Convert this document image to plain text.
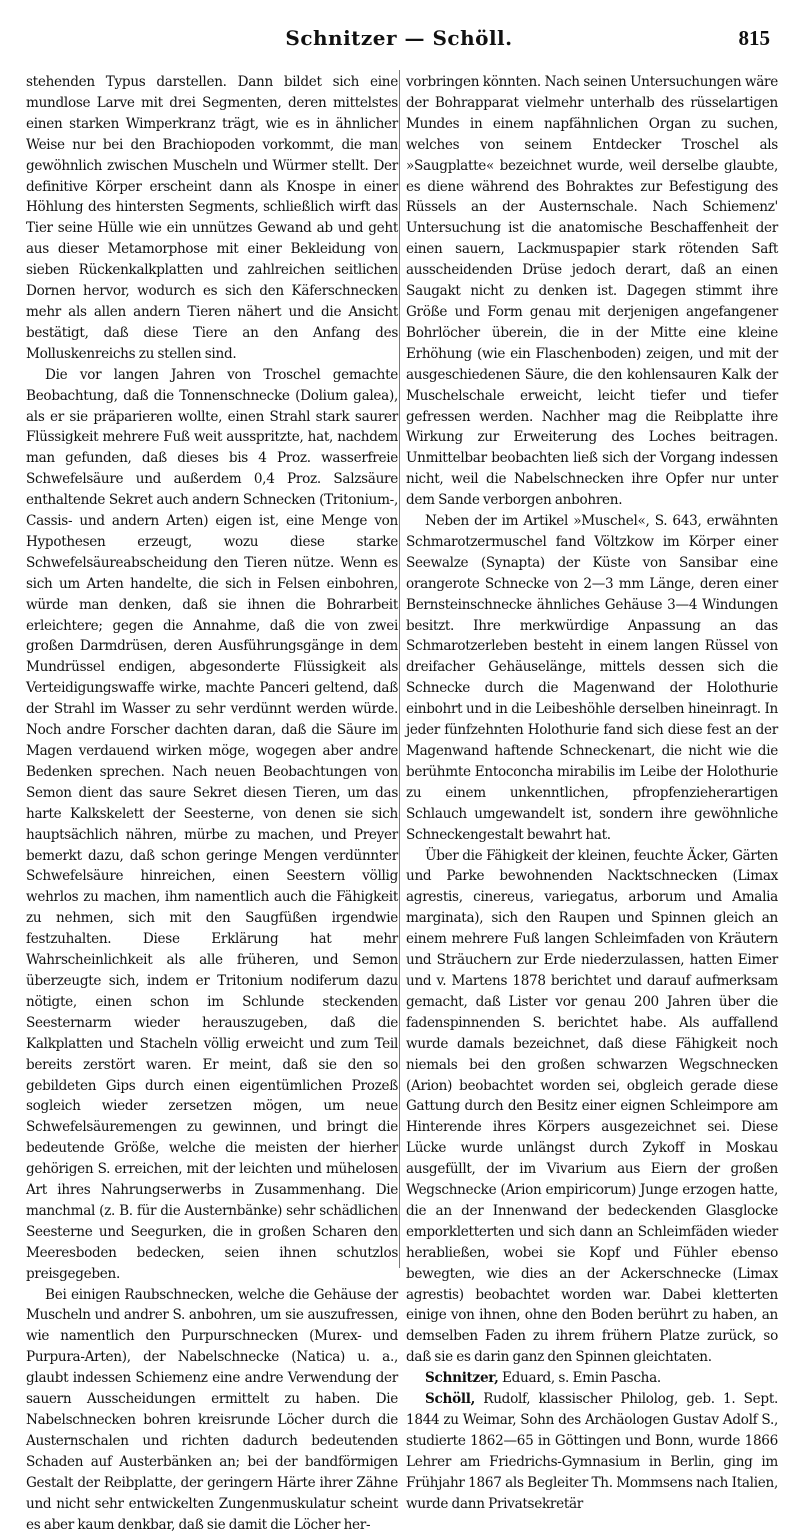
Schnitzer — Schöll.	815

stehenden Typus darstellen. Dann bildet sich eine mundlose Larve mit drei Segmenten, deren mittelstes einen starken Wimperkranz trägt, wie es in ähnlicher Weise nur bei den Brachiopoden vorkommt, die man gewöhnlich zwischen Muscheln und Würmer stellt. Der definitive Körper erscheint dann als Knospe in einer Höhlung des hintersten Segments, schließlich wirft das Tier seine Hülle wie ein unnützes Gewand ab und geht aus dieser Metamorphose mit einer Bekleidung von sieben Rückenkalkplatten und zahlreichen seitlichen Dornen hervor, wodurch es sich den Käferschnecken mehr als allen andern Tieren nähert und die Ansicht bestätigt, daß diese Tiere an den Anfang des Molluskenreichs zu stellen sind.

Die vor langen Jahren von Troschel gemachte Beobachtung, daß die Tonnenschnecke (Dolium galea), als er sie präparieren wollte, einen Strahl stark saurer Flüssigkeit mehrere Fuß weit ausspritzte, hat, nachdem man gefunden, daß dieses bis 4 Proz. wasserfreie Schwefelsäure und außerdem 0,4 Proz. Salzsäure enthaltende Sekret auch andern Schnecken (Tritonium-, Cassis- und andern Arten) eigen ist, eine Menge von Hypothesen erzeugt, wozu diese starke Schwefelsäureabscheidung den Tieren nütze. Wenn es sich um Arten handelte, die sich in Felsen einbohren, würde man denken, daß sie ihnen die Bohrarbeit erleichtere; gegen die Annahme, daß die von zwei großen Darmdrüsen, deren Ausführungsgänge in dem Mundrüssel endigen, abgesonderte Flüssigkeit als Verteidigungswaffe wirke, machte Panceri geltend, daß der Strahl im Wasser zu sehr verdünnt werden würde. Noch andre Forscher dachten daran, daß die Säure im Magen verdauend wirken möge, wogegen aber andre Bedenken sprechen. Nach neuen Beobachtungen von Semon dient das saure Sekret diesen Tieren, um das harte Kalkskelett der Seesterne, von denen sie sich hauptsächlich nähren, mürbe zu machen, und Preyer bemerkt dazu, daß schon geringe Mengen verdünnter Schwefelsäure hinreichen, einen Seestern völlig wehrlos zu machen, ihm namentlich auch die Fähigkeit zu nehmen, sich mit den Saugfüßen irgendwie festzuhalten. Diese Erklärung hat mehr Wahrscheinlichkeit als alle früheren, und Semon überzeugte sich, indem er Tritonium nodiferum dazu nötigte, einen schon im Schlunde steckenden Seesternarm wieder herauszugeben, daß die Kalkplatten und Stacheln völlig erweicht und zum Teil bereits zerstört waren. Er meint, daß sie den so gebildeten Gips durch einen eigentümlichen Prozeß sogleich wieder zersetzen mögen, um neue Schwefelsäuremengen zu gewinnen, und bringt die bedeutende Größe, welche die meisten der hierher gehörigen S. erreichen, mit der leichten und mühelosen Art ihres Nahrungserwerbs in Zusammenhang. Die manchmal (z. B. für die Austernbänke) sehr schädlichen Seesterne und Seegurken, die in großen Scharen den Meeresboden bedecken, seien ihnen schutzlos preisgegeben.

Bei einigen Raubschnecken, welche die Gehäuse der Muscheln und andrer S. anbohren, um sie auszufressen, wie namentlich den Purpurschnecken (Murex- und Purpura-Arten), der Nabelschnecke (Natica) u. a., glaubt indessen Schiemenz eine andre Verwendung der sauern Ausscheidungen ermittelt zu haben. Die Nabelschnecken bohren kreisrunde Löcher durch die Austernschalen und richten dadurch bedeutenden Schaden auf Austerbänken an; bei der bandförmigen Gestalt der Reibplatte, der geringern Härte ihrer Zähne und nicht sehr entwickelten Zungenmuskulatur scheint es aber kaum denkbar, daß sie damit die Löcher her-

vorbringen könnten. Nach seinen Untersuchungen wäre der Bohrapparat vielmehr unterhalb des rüsselartigen Mundes in einem napfähnlichen Organ zu suchen, welches von seinem Entdecker Troschel als »Saugplatte« bezeichnet wurde, weil derselbe glaubte, es diene während des Bohraktes zur Befestigung des Rüssels an der Austernschale. Nach Schiemenz' Untersuchung ist die anatomische Beschaffenheit der einen sauern, Lackmuspapier stark rötenden Saft ausscheidenden Drüse jedoch derart, daß an einen Saugakt nicht zu denken ist. Dagegen stimmt ihre Größe und Form genau mit derjenigen angefangener Bohrlöcher überein, die in der Mitte eine kleine Erhöhung (wie ein Flaschenboden) zeigen, und mit der ausgeschiedenen Säure, die den kohlensauren Kalk der Muschelschale erweicht, leicht tiefer und tiefer gefressen werden. Nachher mag die Reibplatte ihre Wirkung zur Erweiterung des Loches beitragen. Unmittelbar beobachten ließ sich der Vorgang indessen nicht, weil die Nabelschnecken ihre Opfer nur unter dem Sande verborgen anbohren.

Neben der im Artikel »Muschel«, S. 643, erwähnten Schmarotzermuschel fand Völtzkow im Körper einer Seewalze (Synapta) der Küste von Sansibar eine orangerote Schnecke von 2—3 mm Länge, deren einer Bernsteinschnecke ähnliches Gehäuse 3—4 Windungen besitzt. Ihre merkwürdige Anpassung an das Schmarotzerleben besteht in einem langen Rüssel von dreifacher Gehäuselänge, mittels dessen sich die Schnecke durch die Magenwand der Holothurie einbohrt und in die Leibeshöhle derselben hineinragt. In jeder fünfzehnten Holothurie fand sich diese fest an der Magenwand haftende Schneckenart, die nicht wie die berühmte Entoconcha mirabilis im Leibe der Holothurie zu einem unkenntlichen, pfropfenzieherartigen Schlauch umgewandelt ist, sondern ihre gewöhnliche Schneckengestalt bewahrt hat.

Über die Fähigkeit der kleinen, feuchte Äcker, Gärten und Parke bewohnenden Nacktschnecken (Limax agrestis, cinereus, variegatus, arborum und Amalia marginata), sich den Raupen und Spinnen gleich an einem mehrere Fuß langen Schleimfaden von Kräutern und Sträuchern zur Erde niederzulassen, hatten Eimer und v. Martens 1878 berichtet und darauf aufmerksam gemacht, daß Lister vor genau 200 Jahren über die fadenspinnenden S. berichtet habe. Als auffallend wurde damals bezeichnet, daß diese Fähigkeit noch niemals bei den großen schwarzen Wegschnecken (Arion) beobachtet worden sei, obgleich gerade diese Gattung durch den Besitz einer eignen Schleimpore am Hinterende ihres Körpers ausgezeichnet sei. Diese Lücke wurde unlängst durch Zykoff in Moskau ausgefüllt, der im Vivarium aus Eiern der großen Wegschnecke (Arion empiricorum) Junge erzogen hatte, die an der Innenwand der bedeckenden Glasglocke emporkletterten und sich dann an Schleimfäden wieder herabließen, wobei sie Kopf und Fühler ebenso bewegten, wie dies an der Ackerschnecke (Limax agrestis) beobachtet worden war. Dabei kletterten einige von ihnen, ohne den Boden berührt zu haben, an demselben Faden zu ihrem frühern Platze zurück, so daß sie es darin ganz den Spinnen gleichtaten.

Schnitzer, Eduard, s. Emin Pascha.

Schöll, Rudolf, klassischer Philolog, geb. 1. Sept. 1844 zu Weimar, Sohn des Archäologen Gustav Adolf S., studierte 1862—65 in Göttingen und Bonn, wurde 1866 Lehrer am Friedrichs-Gymnasium in Berlin, ging im Frühjahr 1867 als Begleiter Th. Mommsens nach Italien, wurde dann Privatsekretär
